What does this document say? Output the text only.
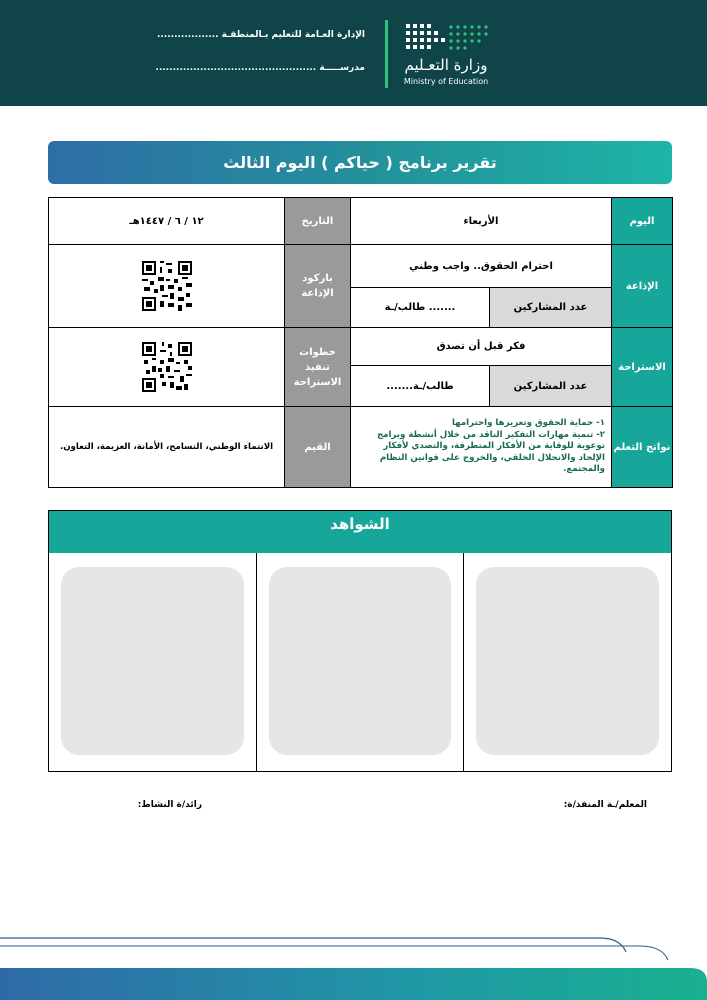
وزارة التعـليم
Ministry of Education
الإدارة العـامة للتعليم بـالمنطقـة ..................
مدرســـــة ...............................................
تقرير برنامج ( حياكم ) اليوم الثالث
اليوم	الأربعاء		التاريخ	١٢ / ٦ / ١٤٤٧هـ
الإذاعة	احترام الحقوق.. واجب وطني		باركود الإذاعة	

	عدد المشاركين	....... طالب/ـة		
الاستراحة	فكر قبل أن تصدق		خطوات تنفيذ الاستراحة	

	عدد المشاركين	طالب/ـة.......		
نواتج التعلم	١- حماية الحقوق وتعزيزها واحترامها
٢- تنمية مهارات التفكير الناقد من خلال أنشطة وبرامج توعوية للوقاية من الأفكار المتطرفة، والتصدي لأفكار الإلحاد والانحلال الخلقي، والخروج على قوانين النظام والمجتمع.		القيم	الانتماء الوطني، التسامح، الأمانة، العزيمة، التعاون.
الشواهد
المعلم/ـة المنفذ/ة:
رائد/ة النشاط:
